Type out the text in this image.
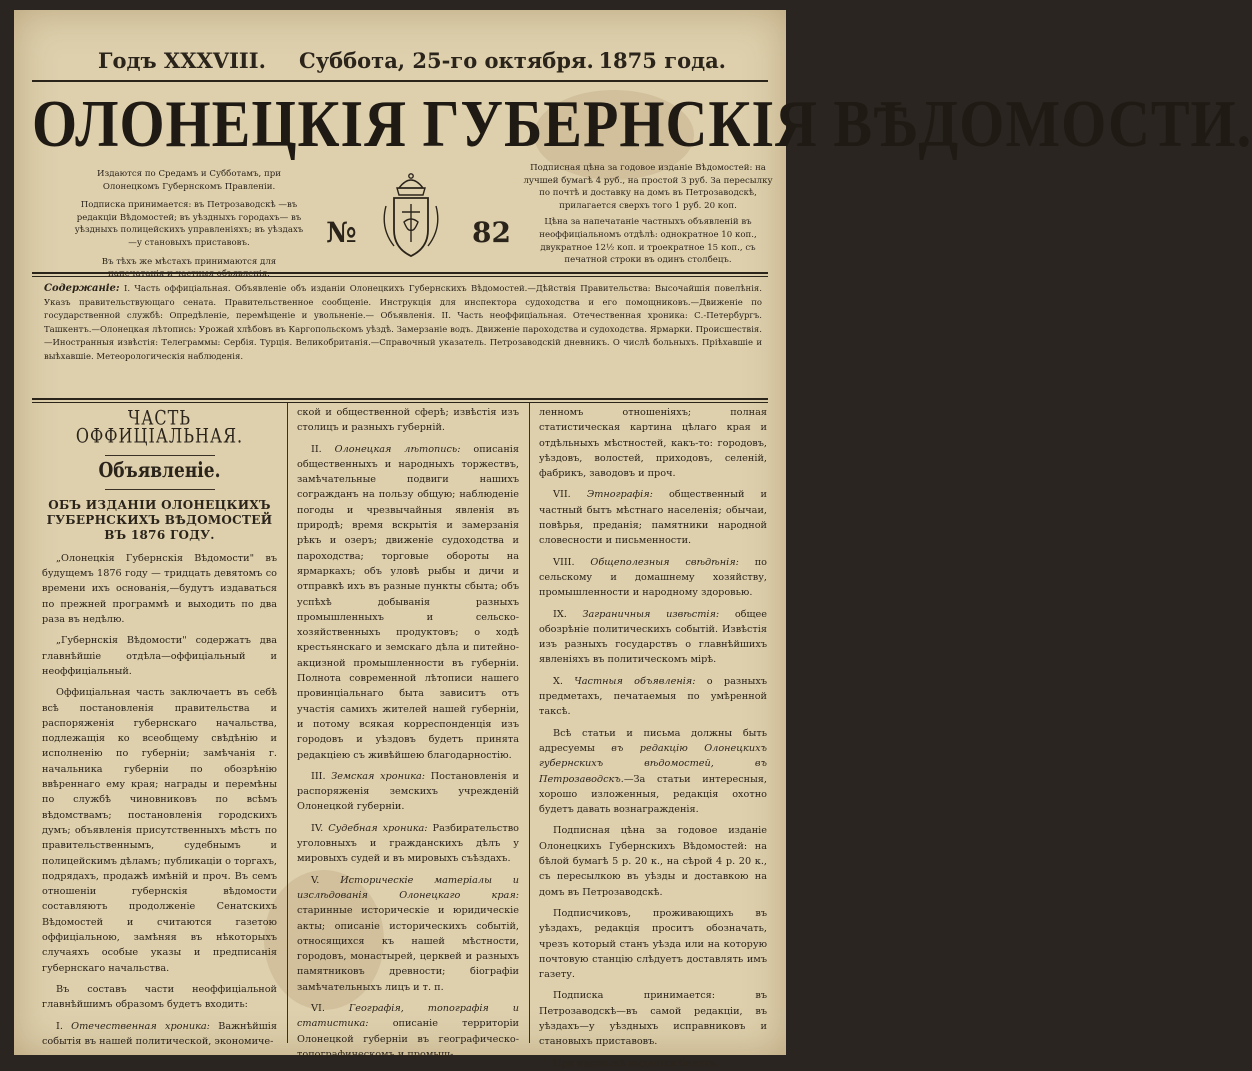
Годъ XXXVIII. Суббота, 25-го октября. 1875 года.
ОЛОНЕЦКІЯ ГУБЕРНСКІЯ ВѢДОМОСТИ.

Издаются по Средамъ и Субботамъ, при Олонецкомъ Губернскомъ Правленіи.

Подписка принимается: въ Петрозаводскѣ —въ редакціи Вѣдомостей; въ уѣздныхъ городахъ— въ уѣздныхъ полицейскихъ управленіяхъ; въ уѣздахъ—у становыхъ приставовъ.

Въ тѣхъ же мѣстахъ принимаются для напечатанія и частныя объявленія.

№	82

Подписная цѣна за годовое изданіе Вѣдомостей: на лучшей бумагѣ 4 руб., на простой 3 руб. За пересылку по почтѣ и доставку на домъ въ Петрозаводскѣ, прилагается сверхъ того 1 руб. 20 коп.

Цѣна за напечатаніе частныхъ объявленій въ неоффиціальномъ отдѣлѣ: однократное 10 коп., двукратное 12½ коп. и троекратное 15 коп., съ печатной строки въ одинъ столбецъ.

Содержаніе: I. Часть оффиціальная. Объявленіе объ изданіи Олонецкихъ Губернскихъ Вѣдомостей.—Дѣйствія Правительства: Высочайшія повелѣнія. Указъ правительствующаго сената. Правительственное сообщеніе. Инструкція для инспектора судоходства и его помощниковъ.—Движеніе по государственной службѣ: Опредѣленіе, перемѣщеніе и увольненіе.— Объявленія. II. Часть неоффиціальная. Отечественная хроника: С.-Петербургъ. Ташкентъ.—Олонецкая лѣтопись: Урожай хлѣбовъ въ Каргопольскомъ уѣздѣ. Замерзаніе водъ. Движеніе пароходства и судоходства. Ярмарки. Происшествія.—Иностранныя извѣстія: Телеграммы: Сербія. Турція. Великобританія.—Справочный указатель. Петрозаводскій дневникъ. О числѣ больныхъ. Пріѣхавшіе и выѣхавшіе. Метеорологическія наблюденія.
ЧАСТЬ ОФФИЦІАЛЬНАЯ.
Объявленіе.
ОБЪ ИЗДАНІИ ОЛОНЕЦКИХЪ ГУБЕРНСКИХЪ ВѢДОМОСТЕЙ ВЪ 1876 ГОДУ.

„Олонецкія Губернскія Вѣдомости" въ будущемъ 1876 году — тридцать девятомъ со времени ихъ основанія,—будутъ издаваться по прежней программѣ и выходить по два раза въ недѣлю.

„Губернскія Вѣдомости" содержатъ два главнѣйшіе отдѣла—оффиціальный и неоффиціальный.

Оффиціальная часть заключаетъ въ себѣ всѣ постановленія правительства и распоряженія губернскаго начальства, подлежащія ко всеобщему свѣдѣнію и исполненію по губерніи; замѣчанія г. начальника губерніи по обозрѣнію ввѣреннаго ему края; награды и перемѣны по службѣ чиновниковъ по всѣмъ вѣдомствамъ; постановленія городскихъ думъ; объявленія присутственныхъ мѣстъ по правительственнымъ, судебнымъ и полицейскимъ дѣламъ; публикаціи о торгахъ, подрядахъ, продажѣ имѣній и проч. Въ семъ отношеніи губернскія вѣдомости составляютъ продолженіе Сенатскихъ Вѣдомостей и считаются газетою оффиціальною, замѣняя въ нѣкоторыхъ случаяхъ особые указы и предписанія губернскаго начальства.

Въ составъ части неоффиціальной главнѣйшимъ образомъ будетъ входить:

I. Отечественная хроника: Важнѣйшія событія въ нашей политической, экономиче-

ской и общественной сферѣ; извѣстія изъ столицъ и разныхъ губерній.

II. Олонецкая лѣтопись: описанія общественныхъ и народныхъ торжествъ, замѣчательные подвиги нашихъ согражданъ на пользу общую; наблюденіе погоды и чрезвычайныя явленія въ природѣ; время вскрытія и замерзанія рѣкъ и озеръ; движеніе судоходства и пароходства; торговые обороты на ярмаркахъ; объ уловѣ рыбы и дичи и отправкѣ ихъ въ разные пункты сбыта; объ успѣхѣ добыванія разныхъ промышленныхъ и сельско-хозяйственныхъ продуктовъ; о ходѣ крестьянскаго и земскаго дѣла и питейно-акцизной промышленности въ губерніи. Полнота современной лѣтописи нашего провинціальнаго быта зависитъ отъ участія самихъ жителей нашей губерніи, и потому всякая корреспонденція изъ городовъ и уѣздовъ будетъ принята редакціею съ живѣйшею благодарностію.

III. Земская хроника: Постановленія и распоряженія земскихъ учрежденій Олонецкой губерніи.

IV. Судебная хроника: Разбирательство уголовныхъ и гражданскихъ дѣлъ у мировыхъ судей и въ мировыхъ съѣздахъ.

V. Историческіе матеріалы и изслѣдованія Олонецкаго края: старинные историческіе и юридическіе акты; описаніе историческихъ событій, относящихся къ нашей мѣстности, городовъ, монастырей, церквей и разныхъ памятниковъ древности; біографіи замѣчательныхъ лицъ и т. п.

VI. Географія, топографія и статистика: описаніе территоріи Олонецкой губерніи въ географическо-топографическомъ и промыш-

ленномъ отношеніяхъ; полная статистическая картина цѣлаго края и отдѣльныхъ мѣстностей, какъ-то: городовъ, уѣздовъ, волостей, приходовъ, селеній, фабрикъ, заводовъ и проч.

VII. Этнографія: общественный и частный бытъ мѣстнаго населенія; обычаи, повѣрья, преданія; памятники народной словесности и письменности.

VIII. Общеполезныя свѣдѣнія: по сельскому и домашнему хозяйству, промышленности и народному здоровью.

IX. Заграничныя извѣстія: общее обозрѣніе политическихъ событій. Извѣстія изъ разныхъ государствъ о главнѣйшихъ явленіяхъ въ политическомъ мірѣ.

X. Частныя объявленія: о разныхъ предметахъ, печатаемыя по умѣренной таксѣ.

Всѣ статьи и письма должны быть адресуемы въ редакцію Олонецкихъ губернскихъ вѣдомостей, въ Петрозаводскъ.—За статьи интересныя, хорошо изложенныя, редакція охотно будетъ давать вознагражденія.

Подписная цѣна за годовое изданіе Олонецкихъ Губернскихъ Вѣдомостей: на бѣлой бумагѣ 5 р. 20 к., на сѣрой 4 р. 20 к., съ пересылкою въ уѣзды и доставкою на домъ въ Петрозаводскѣ.

Подписчиковъ, проживающихъ въ уѣздахъ, редакція проситъ обозначать, чрезъ который станъ уѣзда или на которую почтовую станцію слѣдуетъ доставлять имъ газету.

Подписка принимается: въ Петрозаводскѣ—въ самой редакціи, въ уѣздахъ—у уѣздныхъ исправниковъ и становыхъ приставовъ.

При подпискѣ выдается билетъ.
